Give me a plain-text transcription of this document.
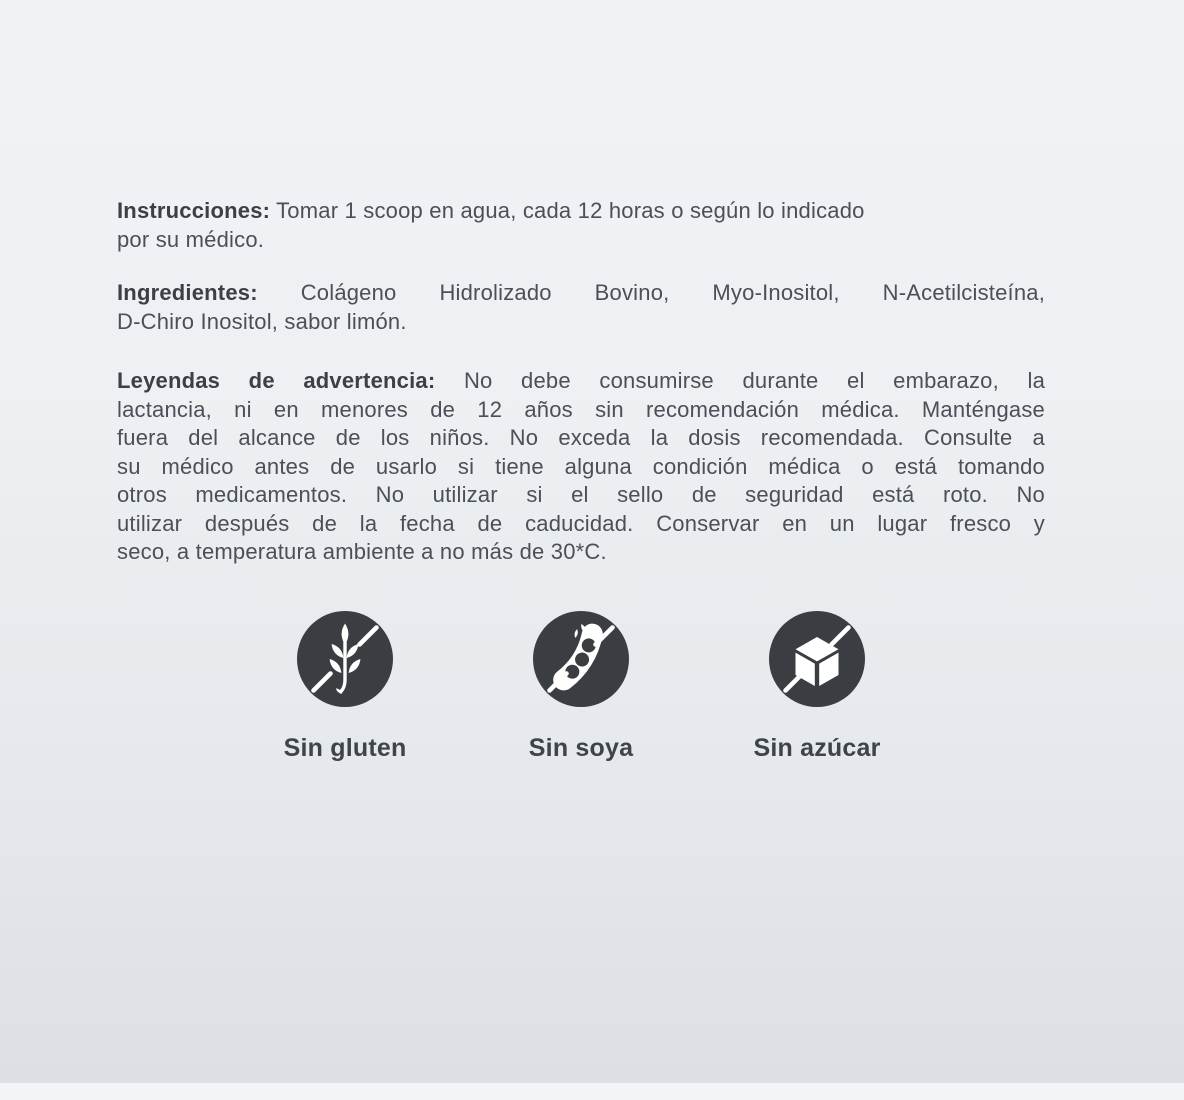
Instrucciones: Tomar 1 scoop en agua, cada 12 horas o según lo indicado
por su médico.

Ingredientes: Colágeno Hidrolizado Bovino, Myo-Inositol, N-Acetilcisteína,
D-Chiro Inositol, sabor limón.

Leyendas de advertencia: No debe consumirse durante el embarazo, la
lactancia, ni en menores de 12 años sin recomendación médica. Manténgase
fuera del alcance de los niños. No exceda la dosis recomendada. Consulte a
su médico antes de usarlo si tiene alguna condición médica o está tomando
otros medicamentos. No utilizar si el sello de seguridad está roto. No
utilizar después de la fecha de caducidad. Conservar en un lugar fresco y
seco, a temperatura ambiente a no más de 30*C.

Sin gluten	Sin soya	Sin azúcar
